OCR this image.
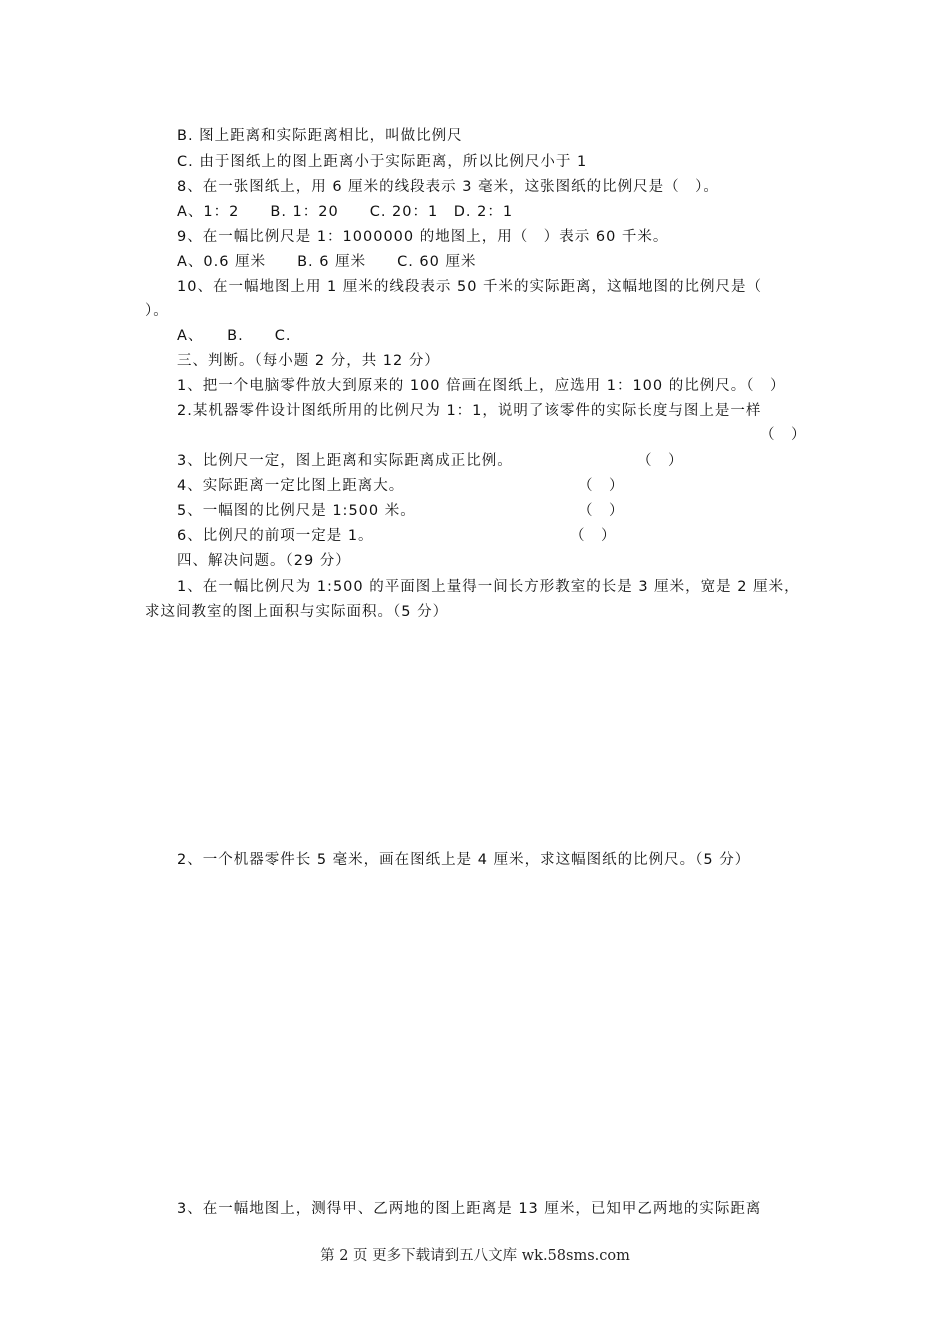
B. 图上距离和实际距离相比，叫做比例尺
C. 由于图纸上的图上距离小于实际距离，所以比例尺小于 1
8、在一张图纸上，用 6 厘米的线段表示 3 毫米，这张图纸的比例尺是（　）。
A、1：2　　B. 1：20　　C. 20：1　D. 2：1
9、在一幅比例尺是 1：1000000 的地图上，用（　）表示 60 千米。
A、0.6 厘米　　B. 6 厘米　　C. 60 厘米
10、在一幅地图上用 1 厘米的线段表示 50 千米的实际距离，这幅地图的比例尺是（
）。
A、　　B.　　C.
三、判断。（每小题 2 分，共 12 分）
1、把一个电脑零件放大到原来的 100 倍画在图纸上，应选用 1：100 的比例尺。（　）
2.某机器零件设计图纸所用的比例尺为 1：1，说明了该零件的实际长度与图上是一样
（　）
3、比例尺一定，图上距离和实际距离成正比例。	（　）
4、实际距离一定比图上距离大。	（　）
5、一幅图的比例尺是 1:500 米。	（　）
6、比例尺的前项一定是 1。	（　）
四、解决问题。（29 分）
1、在一幅比例尺为 1:500 的平面图上量得一间长方形教室的长是 3 厘米，宽是 2 厘米，
求这间教室的图上面积与实际面积。（5 分）
2、一个机器零件长 5 毫米，画在图纸上是 4 厘米，求这幅图纸的比例尺。（5 分）
3、在一幅地图上，测得甲、乙两地的图上距离是 13 厘米，已知甲乙两地的实际距离
第 2 页 更多下载请到五八文库 wk.58sms.com
